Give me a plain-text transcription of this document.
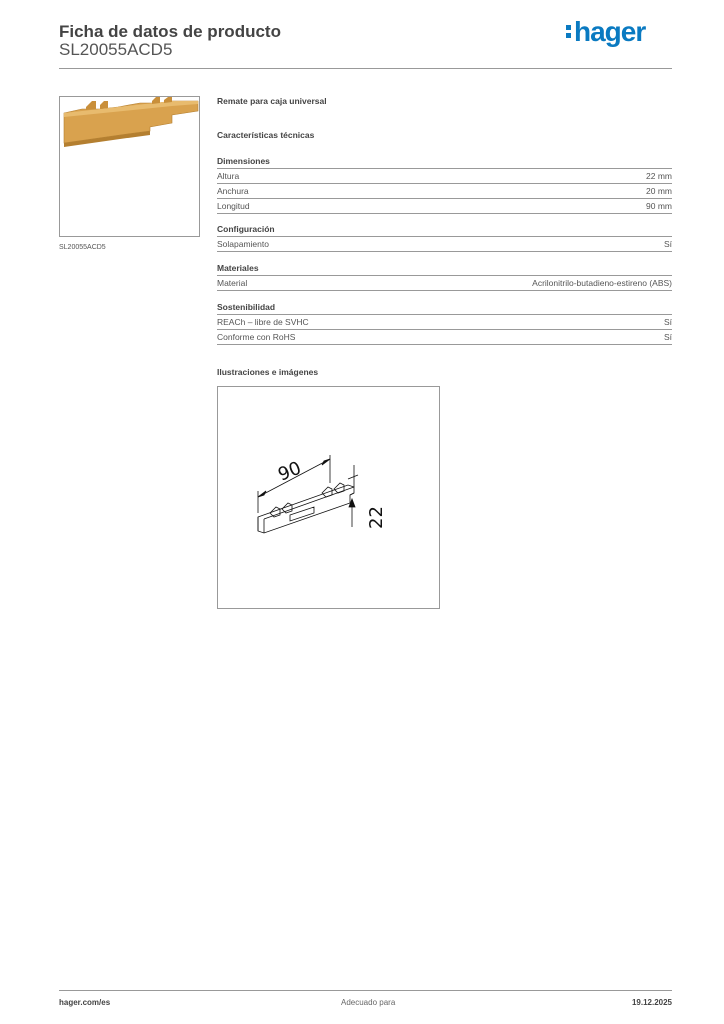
Ficha de datos de producto
SL20055ACD5
hager
SL20055ACD5
Remate para caja universal
Características técnicas
Dimensiones
Altura	22 mm
Anchura	20 mm
Longitud	90 mm
Configuración
Solapamiento	Sí
Materiales
Material	Acrilonitrilo-butadieno-estireno (ABS)
Sostenibilidad
REACh – libre de SVHC	Sí
Conforme con RoHS	Sí
Ilustraciones e imágenes
90
22
hager.com/es	Adecuado para	19.12.2025
